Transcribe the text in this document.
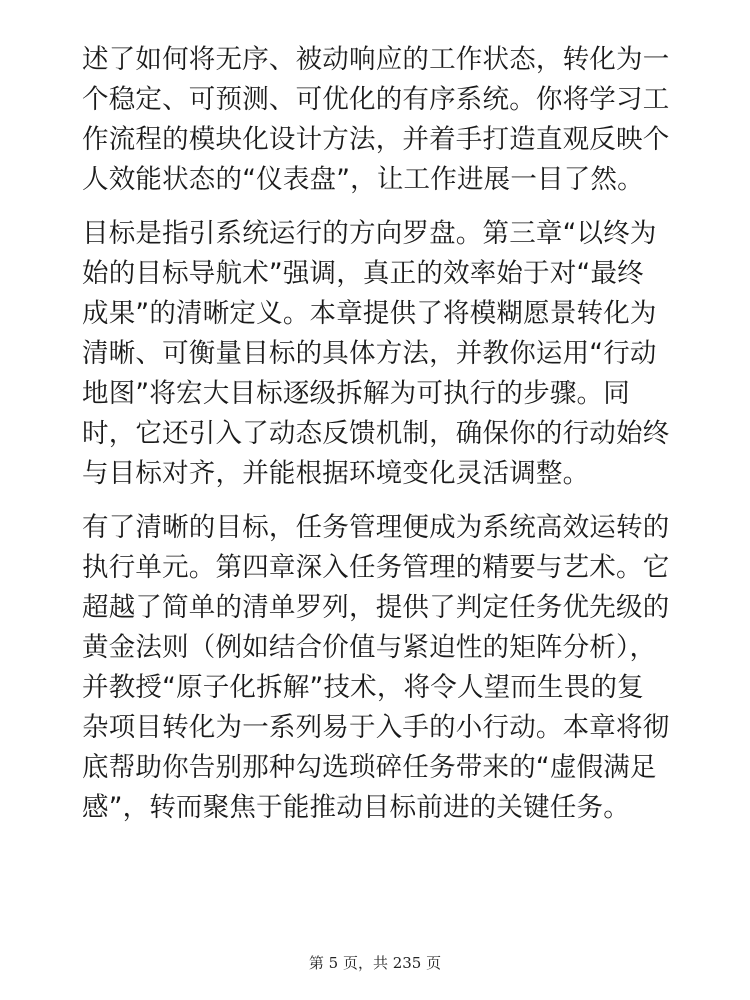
述了如何将无序、被动响应的工作状态，转化为一
个稳定、可预测、可优化的有序系统。你将学习工
作流程的模块化设计方法，并着手打造直观反映个
人效能状态的“仪表盘”，让工作进展一目了然。
目标是指引系统运行的方向罗盘。第三章“以终为
始的目标导航术”强调，真正的效率始于对“最终
成果”的清晰定义。本章提供了将模糊愿景转化为
清晰、可衡量目标的具体方法，并教你运用“行动
地图”将宏大目标逐级拆解为可执行的步骤。同
时，它还引入了动态反馈机制，确保你的行动始终
与目标对齐，并能根据环境变化灵活调整。
有了清晰的目标，任务管理便成为系统高效运转的
执行单元。第四章深入任务管理的精要与艺术。它
超越了简单的清单罗列，提供了判定任务优先级的
黄金法则（例如结合价值与紧迫性的矩阵分析），
并教授“原子化拆解”技术，将令人望而生畏的复
杂项目转化为一系列易于入手的小行动。本章将彻
底帮助你告别那种勾选琐碎任务带来的“虚假满足
感”，转而聚焦于能推动目标前进的关键任务。
第 5 页，共 235 页
